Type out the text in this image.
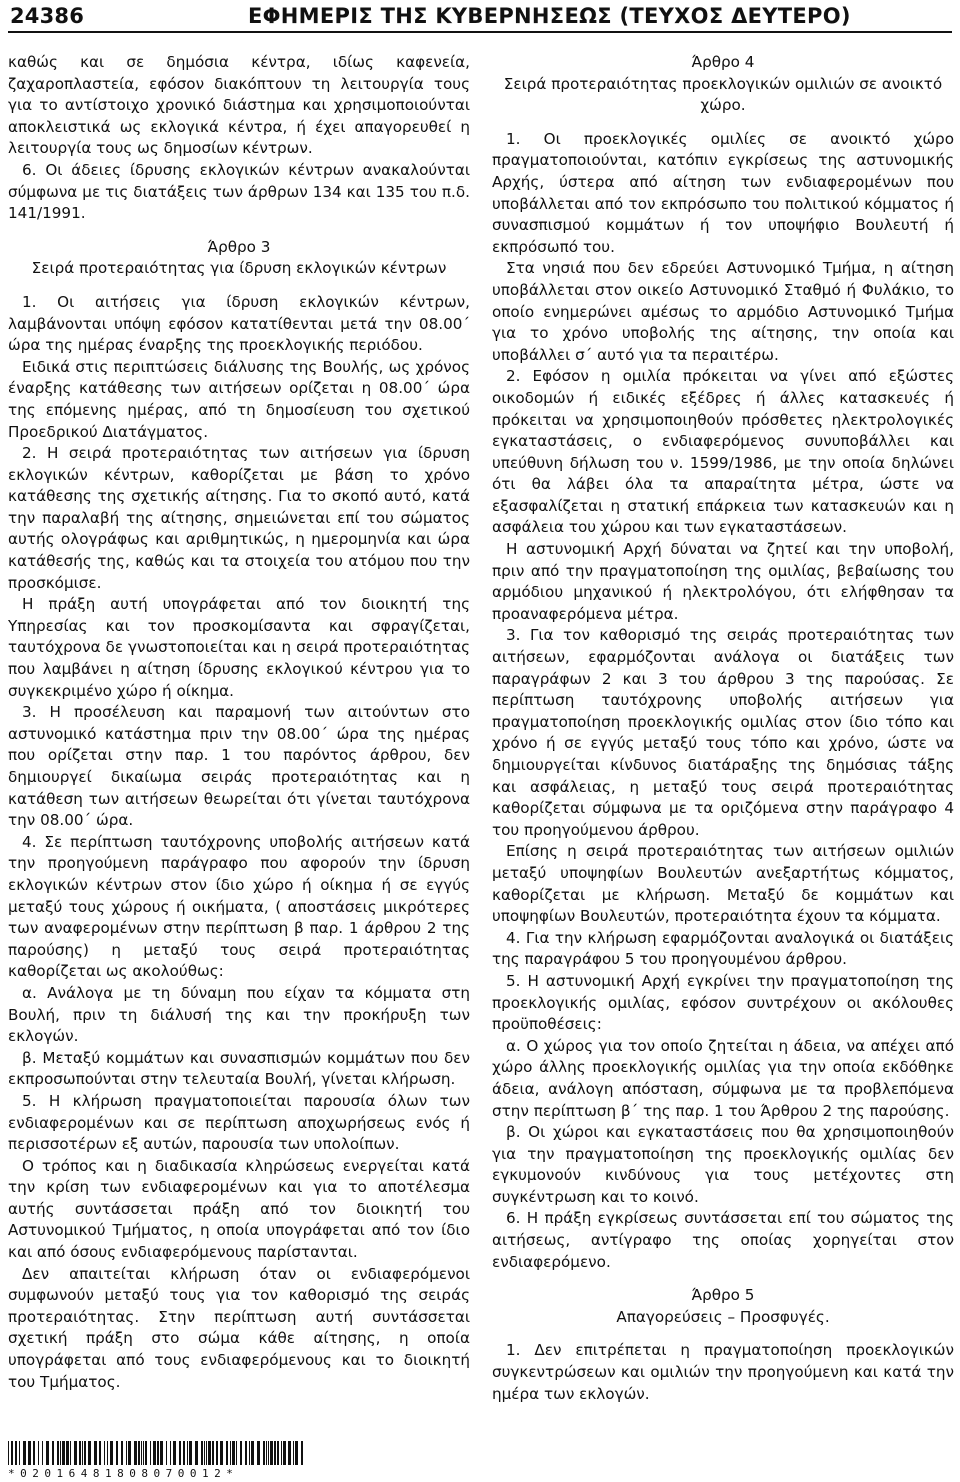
24386	ΕΦΗΜΕΡΙΣ ΤΗΣ ΚΥΒΕΡΝΗΣΕΩΣ (ΤΕΥΧΟΣ ΔΕΥΤΕΡΟ)

καθώς και σε δημόσια κέντρα, ιδίως καφενεία, ζαχαροπλαστεία, εφόσον διακόπτουν τη λειτουργία τους για το αντίστοιχο χρονικό διάστημα και χρησιμοποιούνται αποκλειστικά ως εκλογικά κέντρα, ή έχει απαγορευθεί η λειτουργία τους ως δημοσίων κέντρων.

6. Οι άδειες ίδρυσης εκλογικών κέντρων ανακαλούνται σύμφωνα με τις διατάξεις των άρθρων 134 και 135 του π.δ. 141/1991.

Άρθρο 3

Σειρά προτεραιότητας για ίδρυση εκλογικών κέντρων

1. Οι αιτήσεις για ίδρυση εκλογικών κέντρων, λαμβάνονται υπόψη εφόσον κατατίθενται μετά την 08.00΄ ώρα της ημέρας έναρξης της προεκλογικής περιόδου.

Ειδικά στις περιπτώσεις διάλυσης της Βουλής, ως χρόνος έναρξης κατάθεσης των αιτήσεων ορίζεται η 08.00΄ ώρα της επόμενης ημέρας, από τη δημοσίευση του σχετικού Προεδρικού Διατάγματος.

2. Η σειρά προτεραιότητας των αιτήσεων για ίδρυση εκλογικών κέντρων, καθορίζεται με βάση το χρόνο κατάθεσης της σχετικής αίτησης. Για το σκοπό αυτό, κατά την παραλαβή της αίτησης, σημειώνεται επί του σώματος αυτής ολογράφως και αριθμητικώς, η ημερομηνία και ώρα κατάθεσής της, καθώς και τα στοιχεία του ατόμου που την προσκόμισε.

Η πράξη αυτή υπογράφεται από τον διοικητή της Υπηρεσίας και τον προσκομίσαντα και σφραγίζεται, ταυτόχρονα δε γνωστοποιείται και η σειρά προτεραιότητας που λαμβάνει η αίτηση ίδρυσης εκλογικού κέντρου για το συγκεκριμένο χώρο ή οίκημα.

3. Η προσέλευση και παραμονή των αιτούντων στο αστυνομικό κατάστημα πριν την 08.00΄ ώρα της ημέρας που ορίζεται στην παρ. 1 του παρόντος άρθρου, δεν δημιουργεί δικαίωμα σειράς προτεραιότητας και η κατάθεση των αιτήσεων θεωρείται ότι γίνεται ταυτόχρονα την 08.00΄ ώρα.

4. Σε περίπτωση ταυτόχρονης υποβολής αιτήσεων κατά την προηγούμενη παράγραφο που αφορούν την ίδρυση εκλογικών κέντρων στον ίδιο χώρο ή οίκημα ή σε εγγύς μεταξύ τους χώρους ή οικήματα, ( αποστάσεις μικρότερες των αναφερομένων στην περίπτωση β παρ. 1 άρθρου 2 της παρούσης) η μεταξύ τους σειρά προτεραιότητας καθορίζεται ως ακολούθως:

α. Ανάλογα με τη δύναμη που είχαν τα κόμματα στη Βουλή, πριν τη διάλυσή της και την προκήρυξη των εκλογών.

β. Μεταξύ κομμάτων και συνασπισμών κομμάτων που δεν εκπροσωπούνται στην τελευταία Βουλή, γίνεται κλήρωση.

5. Η κλήρωση πραγματοποιείται παρουσία όλων των ενδιαφερομένων και σε περίπτωση αποχωρήσεως ενός ή περισσοτέρων εξ αυτών, παρουσία των υπολοίπων.

Ο τρόπος και η διαδικασία κληρώσεως ενεργείται κατά την κρίση των ενδιαφερομένων και για το αποτέλεσμα αυτής συντάσσεται πράξη από τον διοικητή του Αστυνομικού Τμήματος, η οποία υπογράφεται από τον ίδιο και από όσους ενδιαφερόμενους παρίστανται.

Δεν απαιτείται κλήρωση όταν οι ενδιαφερόμενοι συμφωνούν μεταξύ τους για τον καθορισμό της σειράς προτεραιότητας. Στην περίπτωση αυτή συντάσσεται σχετική πράξη στο σώμα κάθε αίτησης, η οποία υπογράφεται από τους ενδιαφερόμενους και το διοικητή του Τμήματος.

Άρθρο 4

Σειρά προτεραιότητας προεκλογικών ομιλιών σε ανοικτό χώρο.

1. Οι προεκλογικές ομιλίες σε ανοικτό χώρο πραγματοποιούνται, κατόπιν εγκρίσεως της αστυνομικής Αρχής, ύστερα από αίτηση των ενδιαφερομένων που υποβάλλεται από τον εκπρόσωπο του πολιτικού κόμματος ή συνασπισμού κομμάτων ή τον υποψήφιο Βουλευτή ή εκπρόσωπό του.

Στα νησιά που δεν εδρεύει Αστυνομικό Τμήμα, η αίτηση υποβάλλεται στον οικείο Αστυνομικό Σταθμό ή Φυλάκιο, το οποίο ενημερώνει αμέσως το αρμόδιο Αστυνομικό Τμήμα για το χρόνο υποβολής της αίτησης, την οποία και υποβάλλει σ΄ αυτό για τα περαιτέρω.

2. Εφόσον η ομιλία πρόκειται να γίνει από εξώστες οικοδομών ή ειδικές εξέδρες ή άλλες κατασκευές ή πρόκειται να χρησιμοποιηθούν πρόσθετες ηλεκτρολογικές εγκαταστάσεις, ο ενδιαφερόμενος συνυποβάλλει και υπεύθυνη δήλωση του ν. 1599/1986, με την οποία δηλώνει ότι θα λάβει όλα τα απαραίτητα μέτρα, ώστε να εξασφαλίζεται η στατική επάρκεια των κατασκευών και η ασφάλεια του χώρου και των εγκαταστάσεων.

Η αστυνομική Αρχή δύναται να ζητεί και την υποβολή, πριν από την πραγματοποίηση της ομιλίας, βεβαίωσης του αρμόδιου μηχανικού ή ηλεκτρολόγου, ότι ελήφθησαν τα προαναφερόμενα μέτρα.

3. Για τον καθορισμό της σειράς προτεραιότητας των αιτήσεων, εφαρμόζονται ανάλογα οι διατάξεις των παραγράφων 2 και 3 του άρθρου 3 της παρούσας. Σε περίπτωση ταυτόχρονης υποβολής αιτήσεων για πραγματοποίηση προεκλογικής ομιλίας στον ίδιο τόπο και χρόνο ή σε εγγύς μεταξύ τους τόπο και χρόνο, ώστε να δημιουργείται κίνδυνος διατάραξης της δημόσιας τάξης και ασφάλειας, η μεταξύ τους σειρά προτεραιότητας καθορίζεται σύμφωνα με τα οριζόμενα στην παράγραφο 4 του προηγούμενου άρθρου.

Επίσης η σειρά προτεραιότητας των αιτήσεων ομιλιών μεταξύ υποψηφίων Βουλευτών ανεξαρτήτως κόμματος, καθορίζεται με κλήρωση. Μεταξύ δε κομμάτων και υποψηφίων Βουλευτών, προτεραιότητα έχουν τα κόμματα.

4. Για την κλήρωση εφαρμόζονται αναλογικά οι διατάξεις της παραγράφου 5 του προηγουμένου άρθρου.

5. Η αστυνομική Αρχή εγκρίνει την πραγματοποίηση της προεκλογικής ομιλίας, εφόσον συντρέχουν οι ακόλουθες προϋποθέσεις:

α. Ο χώρος για τον οποίο ζητείται η άδεια, να απέχει από χώρο άλλης προεκλογικής ομιλίας για την οποία εκδόθηκε άδεια, ανάλογη απόσταση, σύμφωνα με τα προβλεπόμενα στην περίπτωση β΄ της παρ. 1 του Άρθρου 2 της παρούσης.

β. Οι χώροι και εγκαταστάσεις που θα χρησιμοποιηθούν για την πραγματοποίηση της προεκλογικής ομιλίας δεν εγκυμονούν κινδύνους για τους μετέχοντες στη συγκέντρωση και το κοινό.

6. Η πράξη εγκρίσεως συντάσσεται επί του σώματος της αιτήσεως, αντίγραφο της οποίας χορηγείται στον ενδιαφερόμενο.

Άρθρο 5

Απαγορεύσεις – Προσφυγές.

1. Δεν επιτρέπεται η πραγματοποίηση προεκλογικών συγκεντρώσεων και ομιλιών την προηγούμενη και κατά την ημέρα των εκλογών.

*02016481808070012*
